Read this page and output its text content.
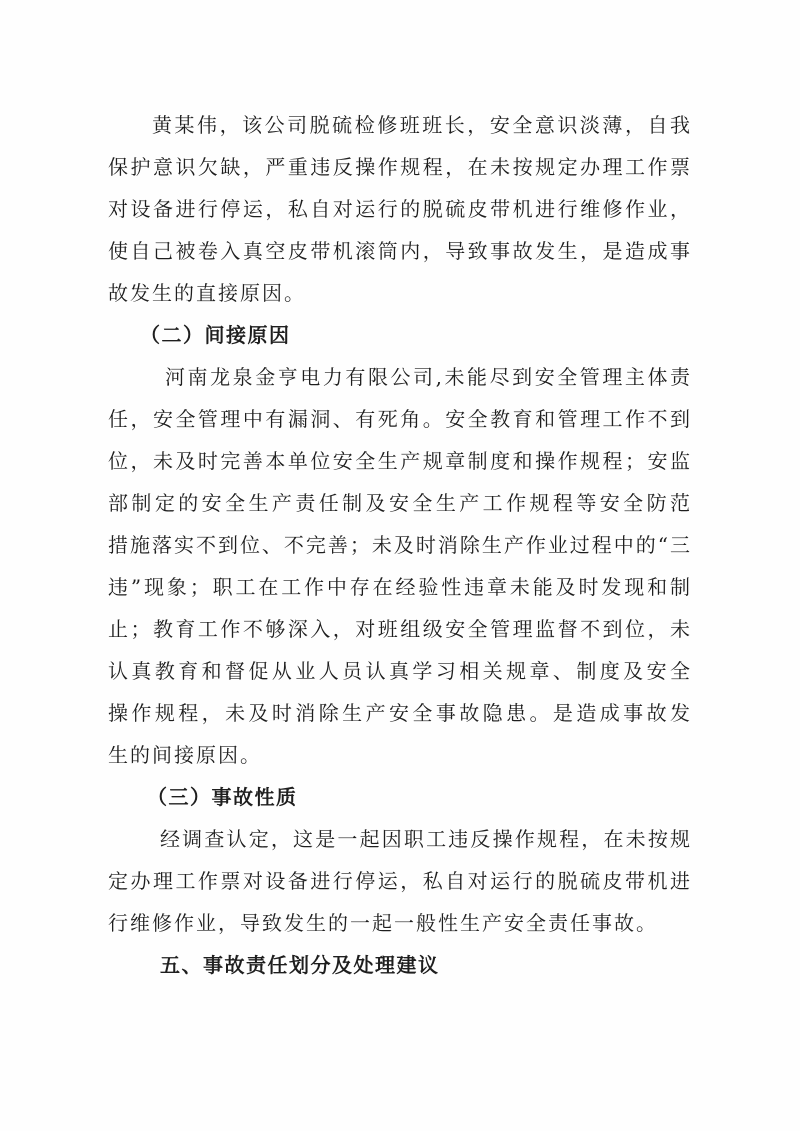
黄某伟，该公司脱硫检修班班长，安全意识淡薄，自我
保护意识欠缺，严重违反操作规程，在未按规定办理工作票
对设备进行停运，私自对运行的脱硫皮带机进行维修作业，
使自己被卷入真空皮带机滚筒内，导致事故发生，是造成事
故发生的直接原因。
（二）间接原因
河南龙泉金亨电力有限公司,未能尽到安全管理主体责
任，安全管理中有漏洞、有死角。安全教育和管理工作不到
位，未及时完善本单位安全生产规章制度和操作规程；安监
部制定的安全生产责任制及安全生产工作规程等安全防范
措施落实不到位、不完善；未及时消除生产作业过程中的“三
违”现象；职工在工作中存在经验性违章未能及时发现和制
止；教育工作不够深入，对班组级安全管理监督不到位，未
认真教育和督促从业人员认真学习相关规章、制度及安全
操作规程，未及时消除生产安全事故隐患。是造成事故发
生的间接原因。
（三）事故性质
经调查认定，这是一起因职工违反操作规程，在未按规
定办理工作票对设备进行停运，私自对运行的脱硫皮带机进
行维修作业，导致发生的一起一般性生产安全责任事故。
五、事故责任划分及处理建议
